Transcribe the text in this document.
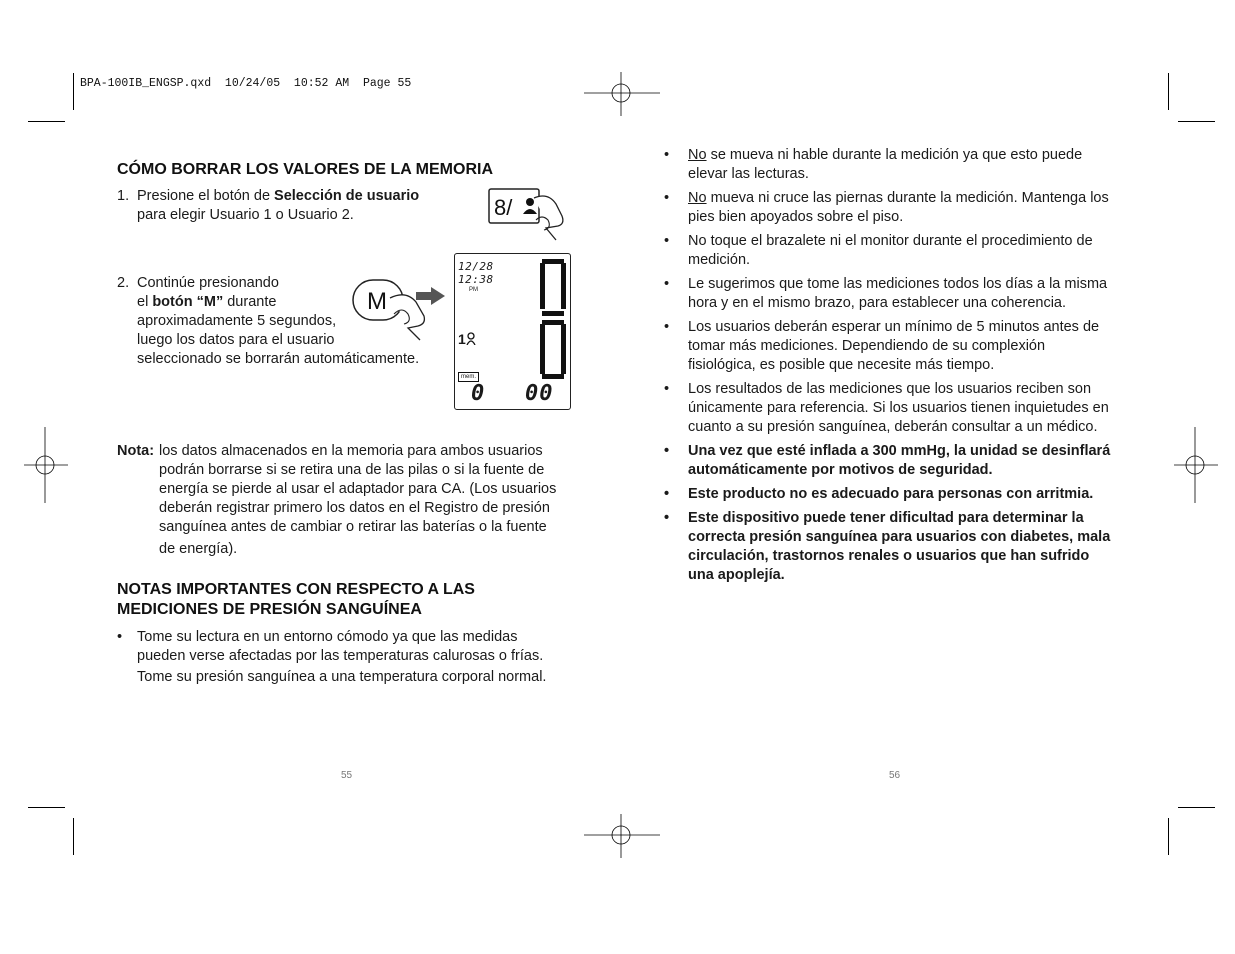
BPA-100IB_ENGSP.qxd  10/24/05  10:52 AM  Page 55
CÓMO BORRAR LOS VALORES DE LA MEMORIA
1. Presione el botón de Selección de usuario
para elegir Usuario 1 o Usuario 2.
2. Continúe presionando
el botón “M” durante
aproximadamente 5 segundos,
luego los datos para el usuario
seleccionado se borrarán automáticamente.
8/
M
12/28
12:38
PM
1
mem.
0 00
Nota: los datos almacenados en la memoria para ambos usuarios
podrán borrarse si se retira una de las pilas o si la fuente de
energía se pierde al usar el adaptador para CA. (Los usuarios
deberán registrar primero los datos en el Registro de presión
sanguínea antes de cambiar o retirar las baterías o la fuente
de energía).
NOTAS IMPORTANTES CON RESPECTO A LAS
MEDICIONES DE PRESIÓN SANGUÍNEA
• Tome su lectura en un entorno cómodo ya que las medidas
pueden verse afectadas por las temperaturas calurosas o frías.
Tome su presión sanguínea a una temperatura corporal normal.
55
• No se mueva ni hable durante la medición ya que esto puede elevar las lecturas.
• No mueva ni cruce las piernas durante la medición. Mantenga los pies bien apoyados sobre el piso.
• No toque el brazalete ni el monitor durante el procedimiento de medición.
• Le sugerimos que tome las mediciones todos los días a la misma hora y en el mismo brazo, para establecer una coherencia.
• Los usuarios deberán esperar un mínimo de 5 minutos antes de tomar más mediciones. Dependiendo de su complexión fisiológica, es posible que necesite más tiempo.
• Los resultados de las mediciones que los usuarios reciben son únicamente para referencia. Si los usuarios tienen inquietudes en cuanto a su presión sanguínea, deberán consultar a un médico.
• Una vez que esté inflada a 300 mmHg, la unidad se desinflará automáticamente por motivos de seguridad.
• Este producto no es adecuado para personas con arritmia.
• Este dispositivo puede tener dificultad para determinar la correcta presión sanguínea para usuarios con diabetes, mala circulación, trastornos renales o usuarios que han sufrido una apoplejía.
56
